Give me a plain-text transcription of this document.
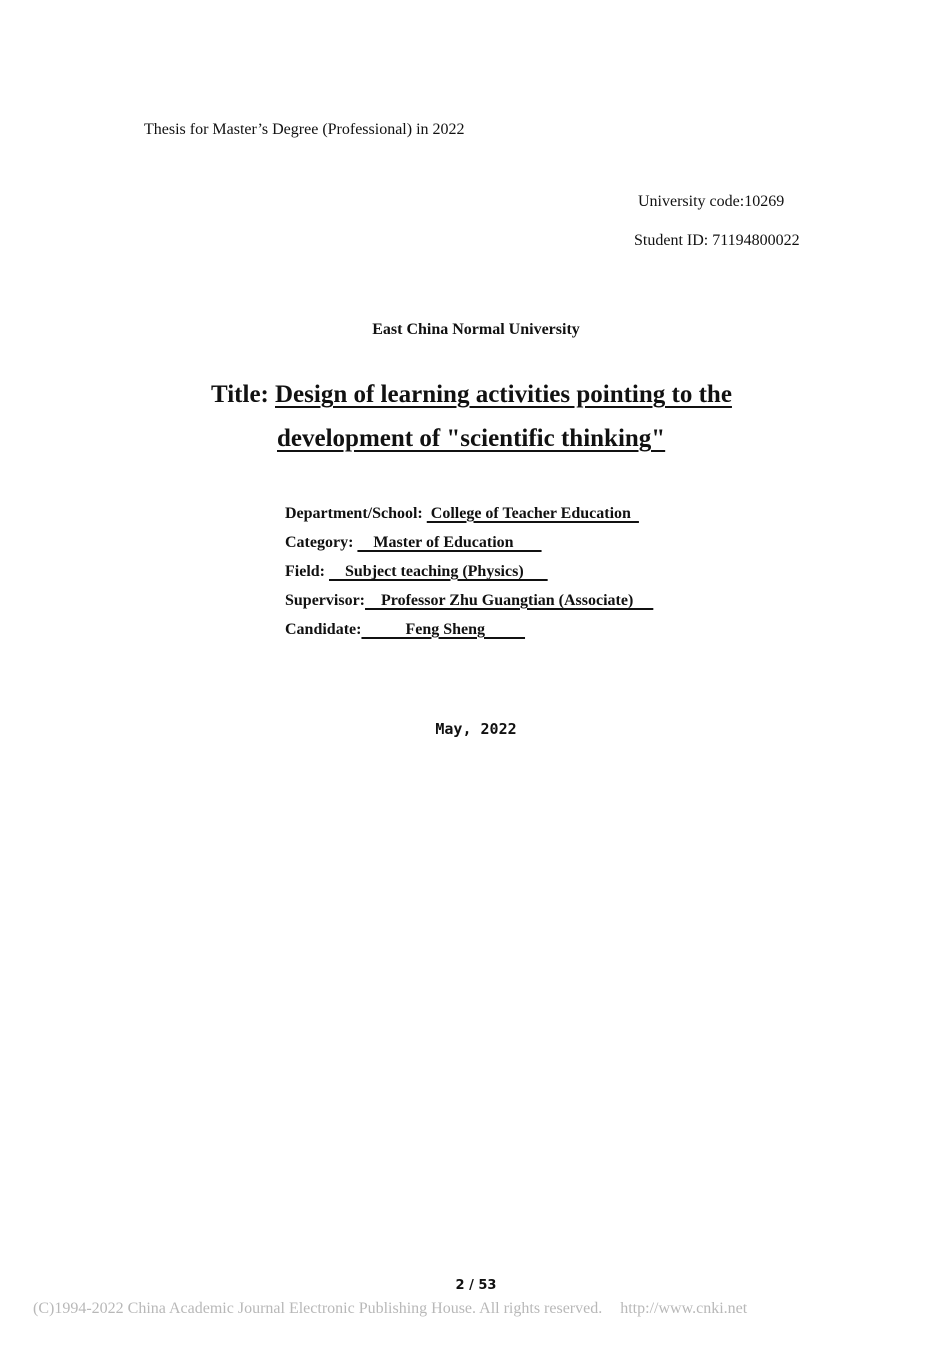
Thesis for Master’s Degree (Professional) in 2022
University code:10269
Student ID: 71194800022
East China Normal University
Title: Design of learning activities pointing to the
development of "scientific thinking"
Department/School:  College of Teacher Education
Category:     Master of Education
Field:     Subject teaching (Physics)
Supervisor:    Professor Zhu Guangtian (Associate)
Candidate:           Feng Sheng
May, 2022
2 / 53
(C)1994-2022 China Academic Journal Electronic Publishing House. All rights reserved. http://www.cnki.net
